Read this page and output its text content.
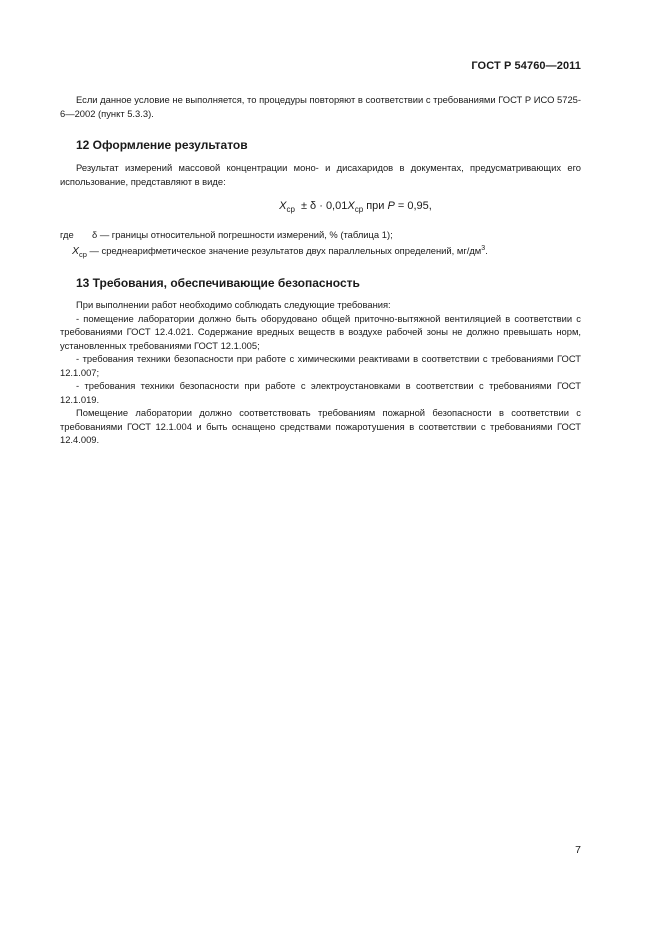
ГОСТ Р 54760—2011

Если данное условие не выполняется, то процедуры повторяют в соответствии с требованиями ГОСТ Р ИСО 5725-6—2002 (пункт 5.3.3).

12 Оформление результатов

Результат измерений массовой концентрации моно- и дисахаридов в документах, предусматривающих его использование, представляют в виде:

$X_{ср} \pm \delta \cdot 0,01X_{ср}$ при P = 0,95,
где	δ — границы относительной погрешности измерений, % (таблица 1);
$X_{ср}$ — среднеарифметическое значение результатов двух параллельных определений, $мг/дм^3$.
13 Требования, обеспечивающие безопасность

При выполнении работ необходимо соблюдать следующие требования:

- помещение лаборатории должно быть оборудовано общей приточно-вытяжной вентиляцией в соответствии с требованиями ГОСТ 12.4.021. Содержание вредных веществ в воздухе рабочей зоны не должно превышать норм, установленных требованиями ГОСТ 12.1.005;

- требования техники безопасности при работе с химическими реактивами в соответствии с требованиями ГОСТ 12.1.007;

- требования техники безопасности при работе с электроустановками в соответствии с требованиями ГОСТ 12.1.019.

Помещение лаборатории должно соответствовать требованиям пожарной безопасности в соответствии с требованиями ГОСТ 12.1.004 и быть оснащено средствами пожаротушения в соответствии с требованиями ГОСТ 12.4.009.

7
